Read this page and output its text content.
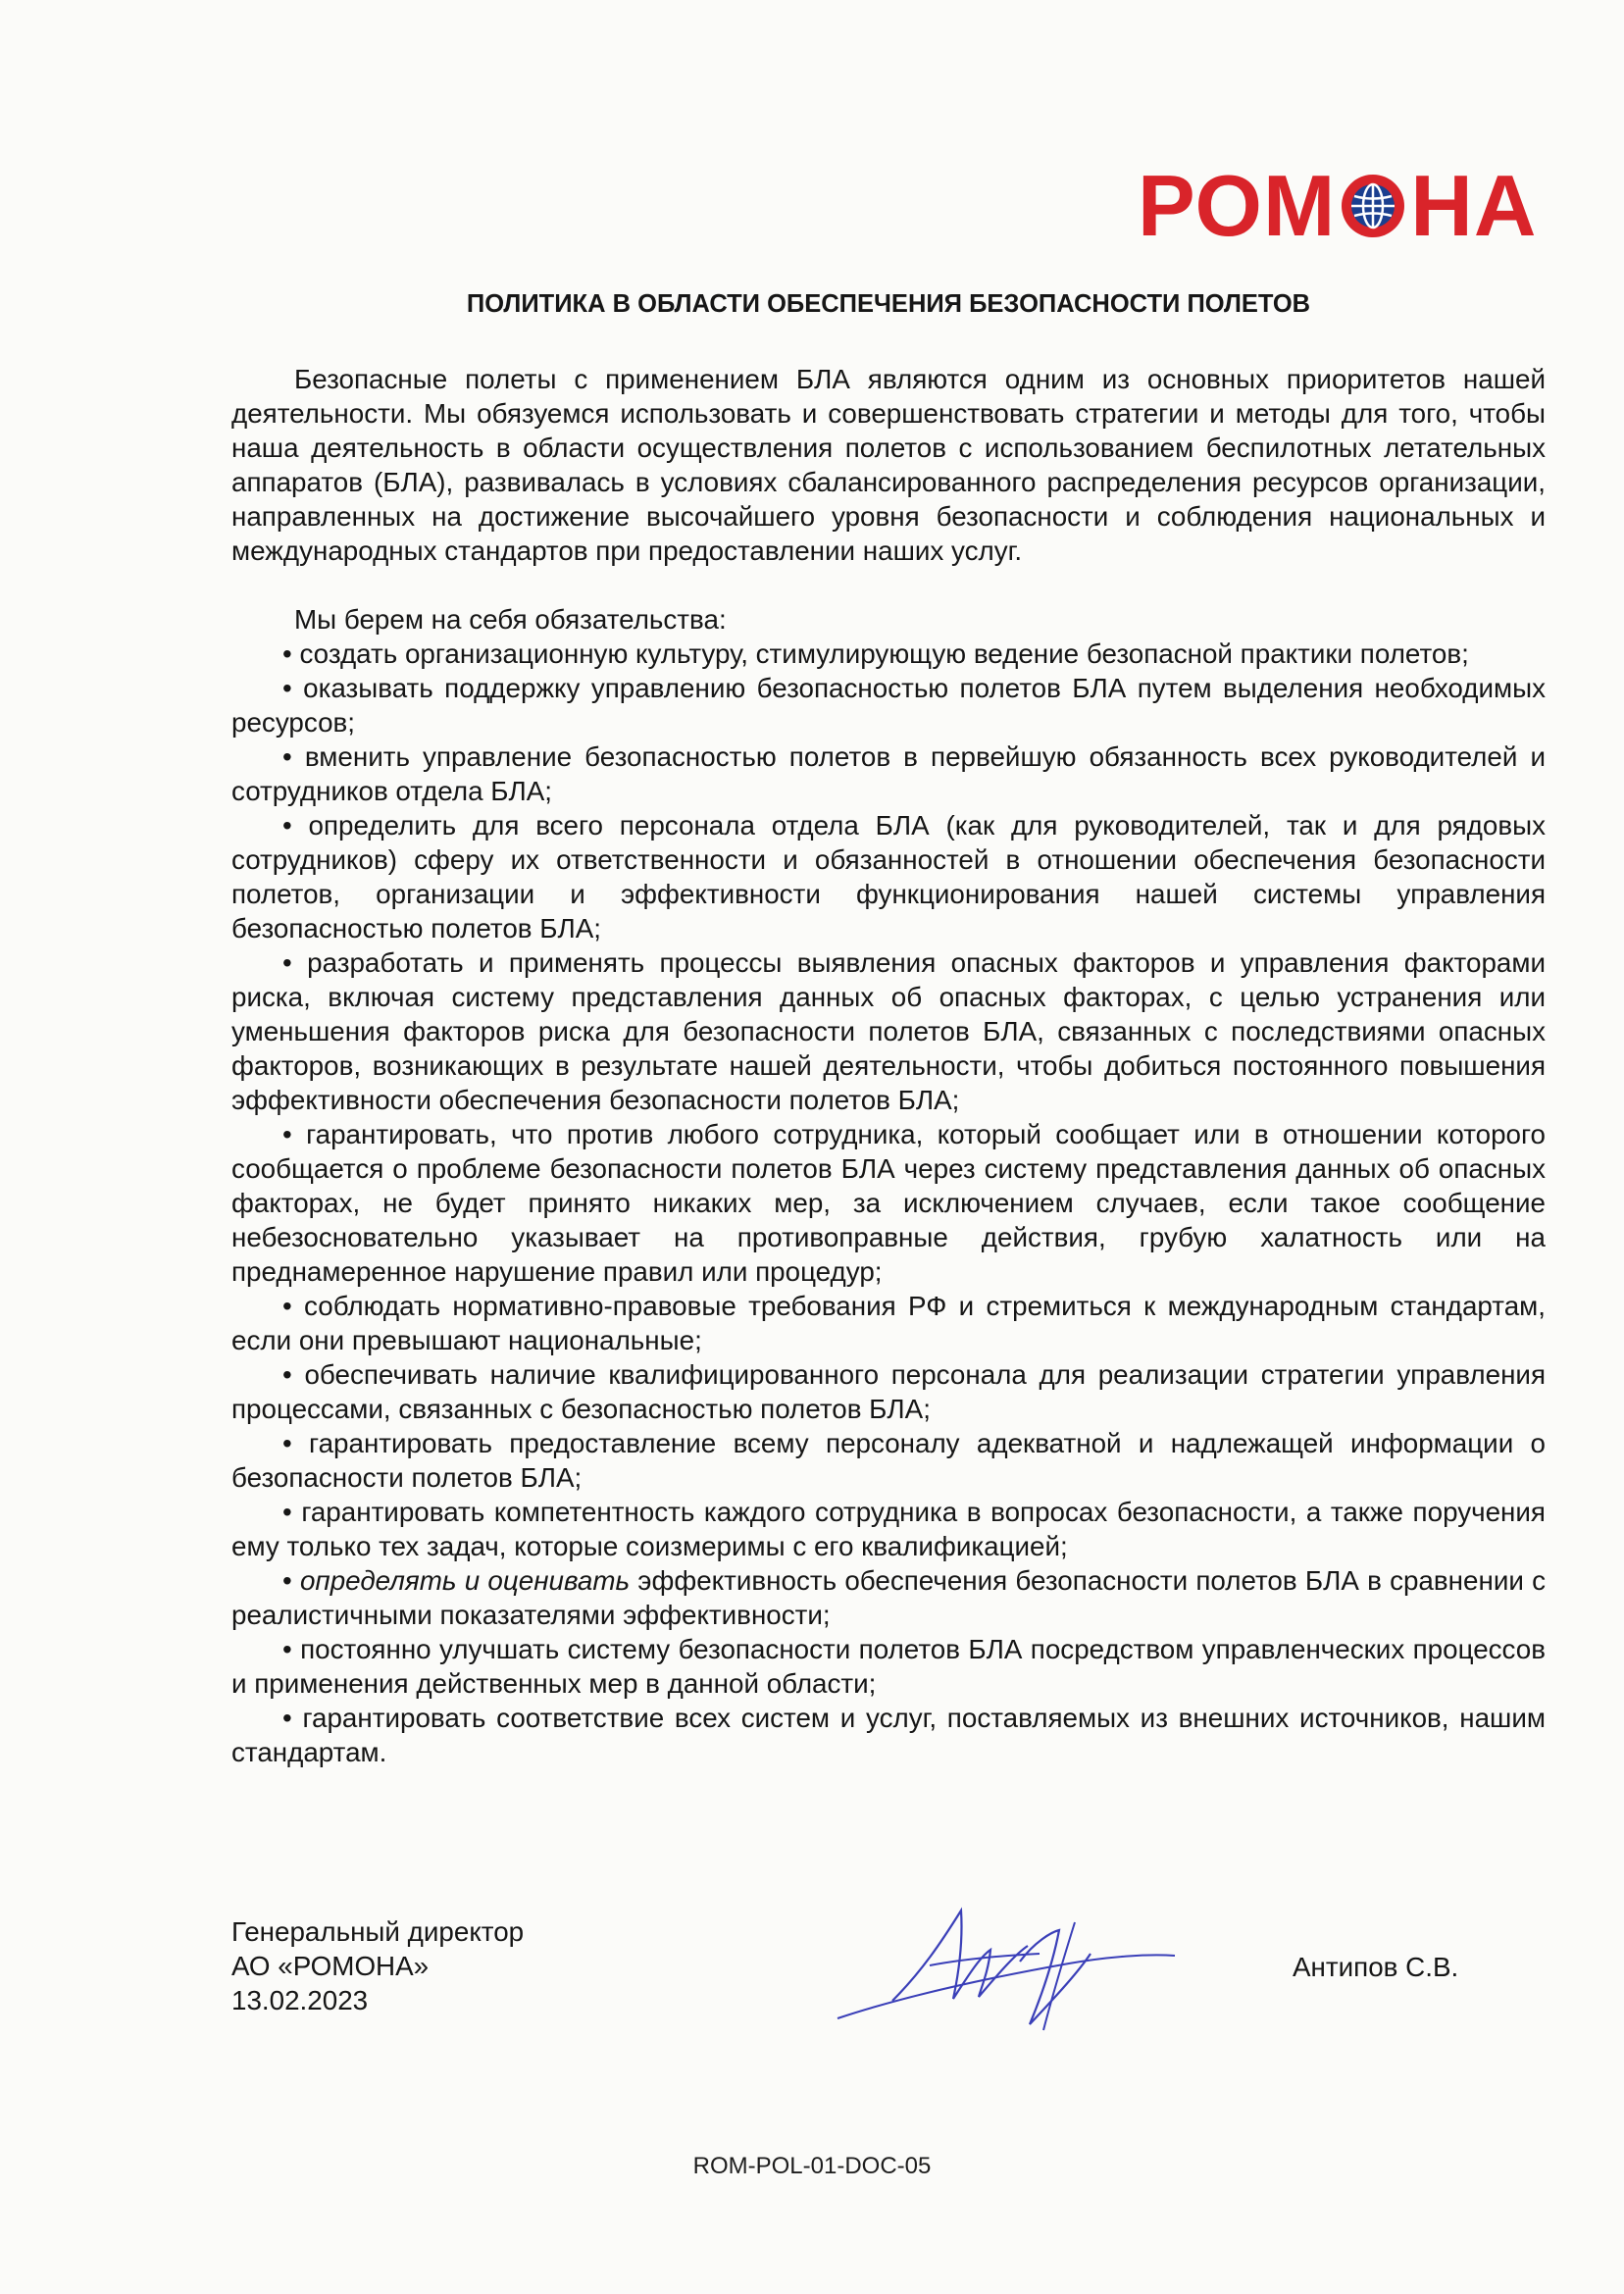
РОМ НА
ПОЛИТИКА В ОБЛАСТИ ОБЕСПЕЧЕНИЯ БЕЗОПАСНОСТИ ПОЛЕТОВ

Безопасные полеты с применением БЛА являются одним из основных приоритетов нашей деятельности. Мы обязуемся использовать и совершенствовать стратегии и методы для того, чтобы наша деятельность в области осуществления полетов с использованием беспилотных летательных аппаратов (БЛА), развивалась в условиях сбалансированного распределения ресурсов организации, направленных на достижение высочайшего уровня безопасности и соблюдения национальных и международных стандартов при предоставлении наших услуг.

Мы берем на себя обязательства:

• создать организационную культуру, стимулирующую ведение безопасной практики полетов;

• оказывать поддержку управлению безопасностью полетов БЛА путем выделения необходимых ресурсов;

• вменить управление безопасностью полетов в первейшую обязанность всех руководителей и сотрудников отдела БЛА;

• определить для всего персонала отдела БЛА (как для руководителей, так и для рядовых сотрудников) сферу их ответственности и обязанностей в отношении обеспечения безопасности полетов, организации и эффективности функционирования нашей системы управления безопасностью полетов БЛА;

• разработать и применять процессы выявления опасных факторов и управления факторами риска, включая систему представления данных об опасных факторах, с целью устранения или уменьшения факторов риска для безопасности полетов БЛА, связанных с последствиями опасных факторов, возникающих в результате нашей деятельности, чтобы добиться постоянного повышения эффективности обеспечения безопасности полетов БЛА;

• гарантировать, что против любого сотрудника, который сообщает или в отношении которого сообщается о проблеме безопасности полетов БЛА через систему представления данных об опасных факторах, не будет принято никаких мер, за исключением случаев, если такое сообщение небезосновательно указывает на противоправные действия, грубую халатность или на преднамеренное нарушение правил или процедур;

• соблюдать нормативно-правовые требования РФ и стремиться к международным стандартам, если они превышают национальные;

• обеспечивать наличие квалифицированного персонала для реализации стратегии управления процессами, связанных с безопасностью полетов БЛА;

• гарантировать предоставление всему персоналу адекватной и надлежащей информации о безопасности полетов БЛА;

• гарантировать компетентность каждого сотрудника в вопросах безопасности, а также поручения ему только тех задач, которые соизмеримы с его квалификацией;

• определять и оценивать эффективность обеспечения безопасности полетов БЛА в сравнении с реалистичными показателями эффективности;

• постоянно улучшать систему безопасности полетов БЛА посредством управленческих процессов и применения действенных мер в данной области;

• гарантировать соответствие всех систем и услуг, поставляемых из внешних источников, нашим стандартам.

Генеральный директор
АО «РОМОНА»
13.02.2023
Антипов С.В.
ROM-POL-01-DOC-05
